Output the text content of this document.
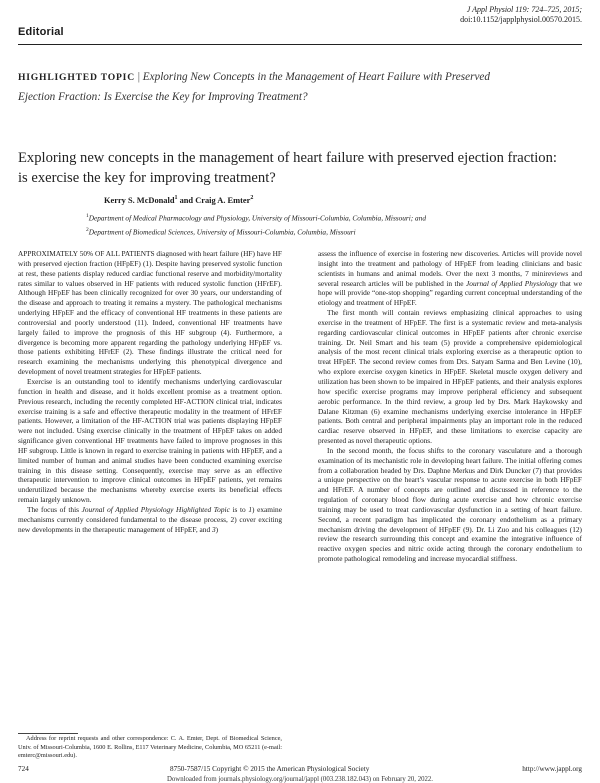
Editorial
J Appl Physiol 119: 724–725, 2015;
doi:10.1152/japplphysiol.00570.2015.
HIGHLIGHTED TOPIC | Exploring New Concepts in the Management of Heart Failure with Preserved Ejection Fraction: Is Exercise the Key for Improving Treatment?
Exploring new concepts in the management of heart failure with preserved ejection fraction: is exercise the key for improving treatment?
Kerry S. McDonald$^1$ and Craig A. Emter$^2$
$^1$Department of Medical Pharmacology and Physiology, University of Missouri-Columbia, Columbia, Missouri; and
$^2$Department of Biomedical Sciences, University of Missouri-Columbia, Columbia, Missouri

APPROXIMATELY 50% OF ALL PATIENTS diagnosed with heart failure (HF) have HF with preserved ejection fraction (HFpEF) (1). Despite having preserved systolic function at rest, these patients display reduced cardiac functional reserve and morbidity/mortality rates similar to values observed in HF patients with reduced systolic function (HFrEF). Although HFpEF has been clinically recognized for over 30 years, our understanding of the disease and approach to treating it remains a mystery. The pathological mechanisms underlying HFpEF and the efficacy of conventional HF treatments in these patients are controversial and poorly understood (11). Indeed, conventional HF treatments have largely failed to improve the prognosis of this HF subgroup (4). Furthermore, a divergence is becoming more apparent regarding the pathology underlying HFpEF vs. those patients exhibiting HFrEF (2). These findings illustrate the critical need for research examining the mechanisms underlying this phenotypical divergence and development of novel treatment strategies for HFpEF patients.

Exercise is an outstanding tool to identify mechanisms underlying cardiovascular function in health and disease, and it holds excellent promise as a treatment option. Previous research, including the recently completed HF-ACTION clinical trial, indicates exercise training is a safe and effective therapeutic modality in the treatment of HFrEF patients. However, a limitation of the HF-ACTION trial was patients displaying HFpEF were not included. Using exercise clinically in the treatment of HFpEF takes on added significance given conventional HF treatments have failed to improve prognoses in this HF subgroup. Little is known in regard to exercise training in patients with HFpEF, and a limited number of human and animal studies have been conducted examining exercise training in this disease setting. Consequently, exercise may serve as an effective therapeutic intervention to improve clinical outcomes in HFpEF patients, yet remains underutilized because the mechanisms whereby exercise exerts its beneficial effects remain largely unknown.

The focus of this Journal of Applied Physiology Highlighted Topic is to 1) examine mechanisms currently considered fundamental to the disease process, 2) cover exciting new developments in the therapeutic management of HFpEF, and 3)

assess the influence of exercise in fostering new discoveries. Articles will provide novel insight into the treatment and pathology of HFpEF from leading clinicians and basic scientists in humans and animal models. Over the next 3 months, 7 minireviews and several research articles will be published in the Journal of Applied Physiology that we hope will provide “one-stop shopping” regarding current conceptual understanding of the etiology and treatment of HFpEF.

The first month will contain reviews emphasizing clinical approaches to using exercise in the treatment of HFpEF. The first is a systematic review and meta-analysis regarding cardiovascular clinical outcomes in HFpEF patients after chronic exercise training. Dr. Neil Smart and his team (5) provide a comprehensive epidemiological analysis of the most recent clinical trials exploring exercise as a therapeutic option to treat HFpEF. The second review comes from Drs. Satyam Sarma and Ben Levine (10), who explore exercise oxygen kinetics in HFpEF. Skeletal muscle oxygen delivery and utilization has been shown to be impaired in HFpEF patients, and their analysis explores how specific exercise programs may improve peripheral efficiency and subsequent aerobic performance. In the third review, a group led by Drs. Mark Haykowsky and Dalane Kitzman (6) examine mechanisms underlying exercise intolerance in HFpEF patients. Both central and peripheral impairments play an important role in the reduced cardiac reserve observed in HFpEF, and these limitations to exercise capacity are presented as novel therapeutic options.

In the second month, the focus shifts to the coronary vasculature and a thorough examination of its mechanistic role in developing heart failure. The initial offering comes from a collaboration headed by Drs. Daphne Merkus and Dirk Duncker (7) that provides a unique perspective on the heart’s vascular response to acute exercise in both HFpEF and HFrEF. A number of concepts are outlined and discussed in reference to the regulation of coronary blood flow during acute exercise and how chronic exercise training may be used to treat cardiovascular dysfunction in a setting of heart failure. Second, a recent paradigm has implicated the coronary endothelium as a primary mechanism driving the development of HFpEF (9). Dr. Li Zuo and his colleagues (12) review the research surrounding this concept and examine the integrative influence of reactive oxygen species and nitric oxide acting through the coronary endothelium to promote pathological remodeling and increase myocardial stiffness.

Address for reprint requests and other correspondence: C. A. Emter, Dept. of Biomedical Science, Univ. of Missouri-Columbia, 1600 E. Rollins, E117 Veterinary Medicine, Columbia, MO 65211 (e-mail: emterc@missouri.edu).
724	8750-7587/15 Copyright © 2015 the American Physiological Society	http://www.jappl.org
Downloaded from journals.physiology.org/journal/jappl (003.238.182.043) on February 20, 2022.
